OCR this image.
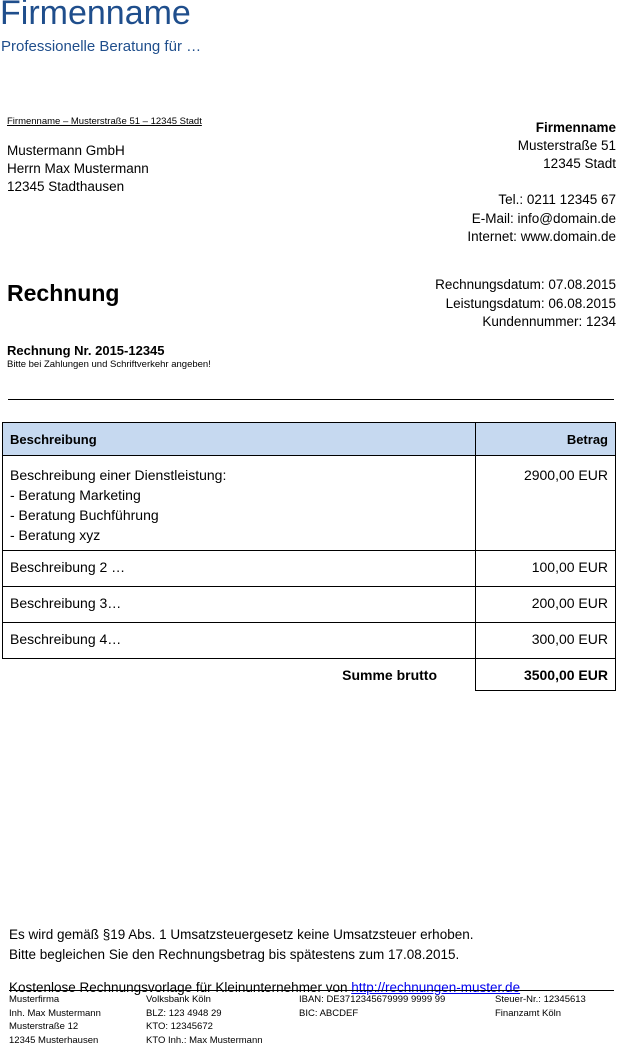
Firmenname
Professionelle Beratung für …
Firmenname – Musterstraße 51 – 12345 Stadt
Mustermann GmbH
Herrn Max Mustermann
12345 Stadthausen
Firmenname
Musterstraße 51
12345 Stadt
Tel.: 0211 12345 67
E-Mail: info@domain.de
Internet: www.domain.de
Rechnung	Rechnungsdatum: 07.08.2015
Leistungsdatum: 06.08.2015
Kundennummer: 1234
Rechnung Nr. 2015-12345
Bitte bei Zahlungen und Schriftverkehr angeben!
Beschreibung	Betrag

Beschreibung einer Dienstleistung:
- Beratung Marketing
- Beratung Buchführung
- Beratung xyz	2900,00 EUR
Beschreibung 2 …	100,00 EUR
Beschreibung 3…	200,00 EUR
Beschreibung 4…	300,00 EUR
Summe brutto	3500,00 EUR
Es wird gemäß §19 Abs. 1 Umsatzsteuergesetz keine Umsatzsteuer erhoben.
Bitte begleichen Sie den Rechnungsbetrag bis spätestens zum 17.08.2015.
Kostenlose Rechnungsvorlage für Kleinunternehmer von http://rechnungen-muster.de
Musterfirma
Inh. Max Mustermann
Musterstraße 12
12345 Musterhausen
Volksbank Köln
BLZ: 123 4948 29
KTO: 12345672
KTO Inh.: Max Mustermann
IBAN: DE3712345679999 9999 99
BIC: ABCDEF
Steuer-Nr.: 12345613
Finanzamt Köln
